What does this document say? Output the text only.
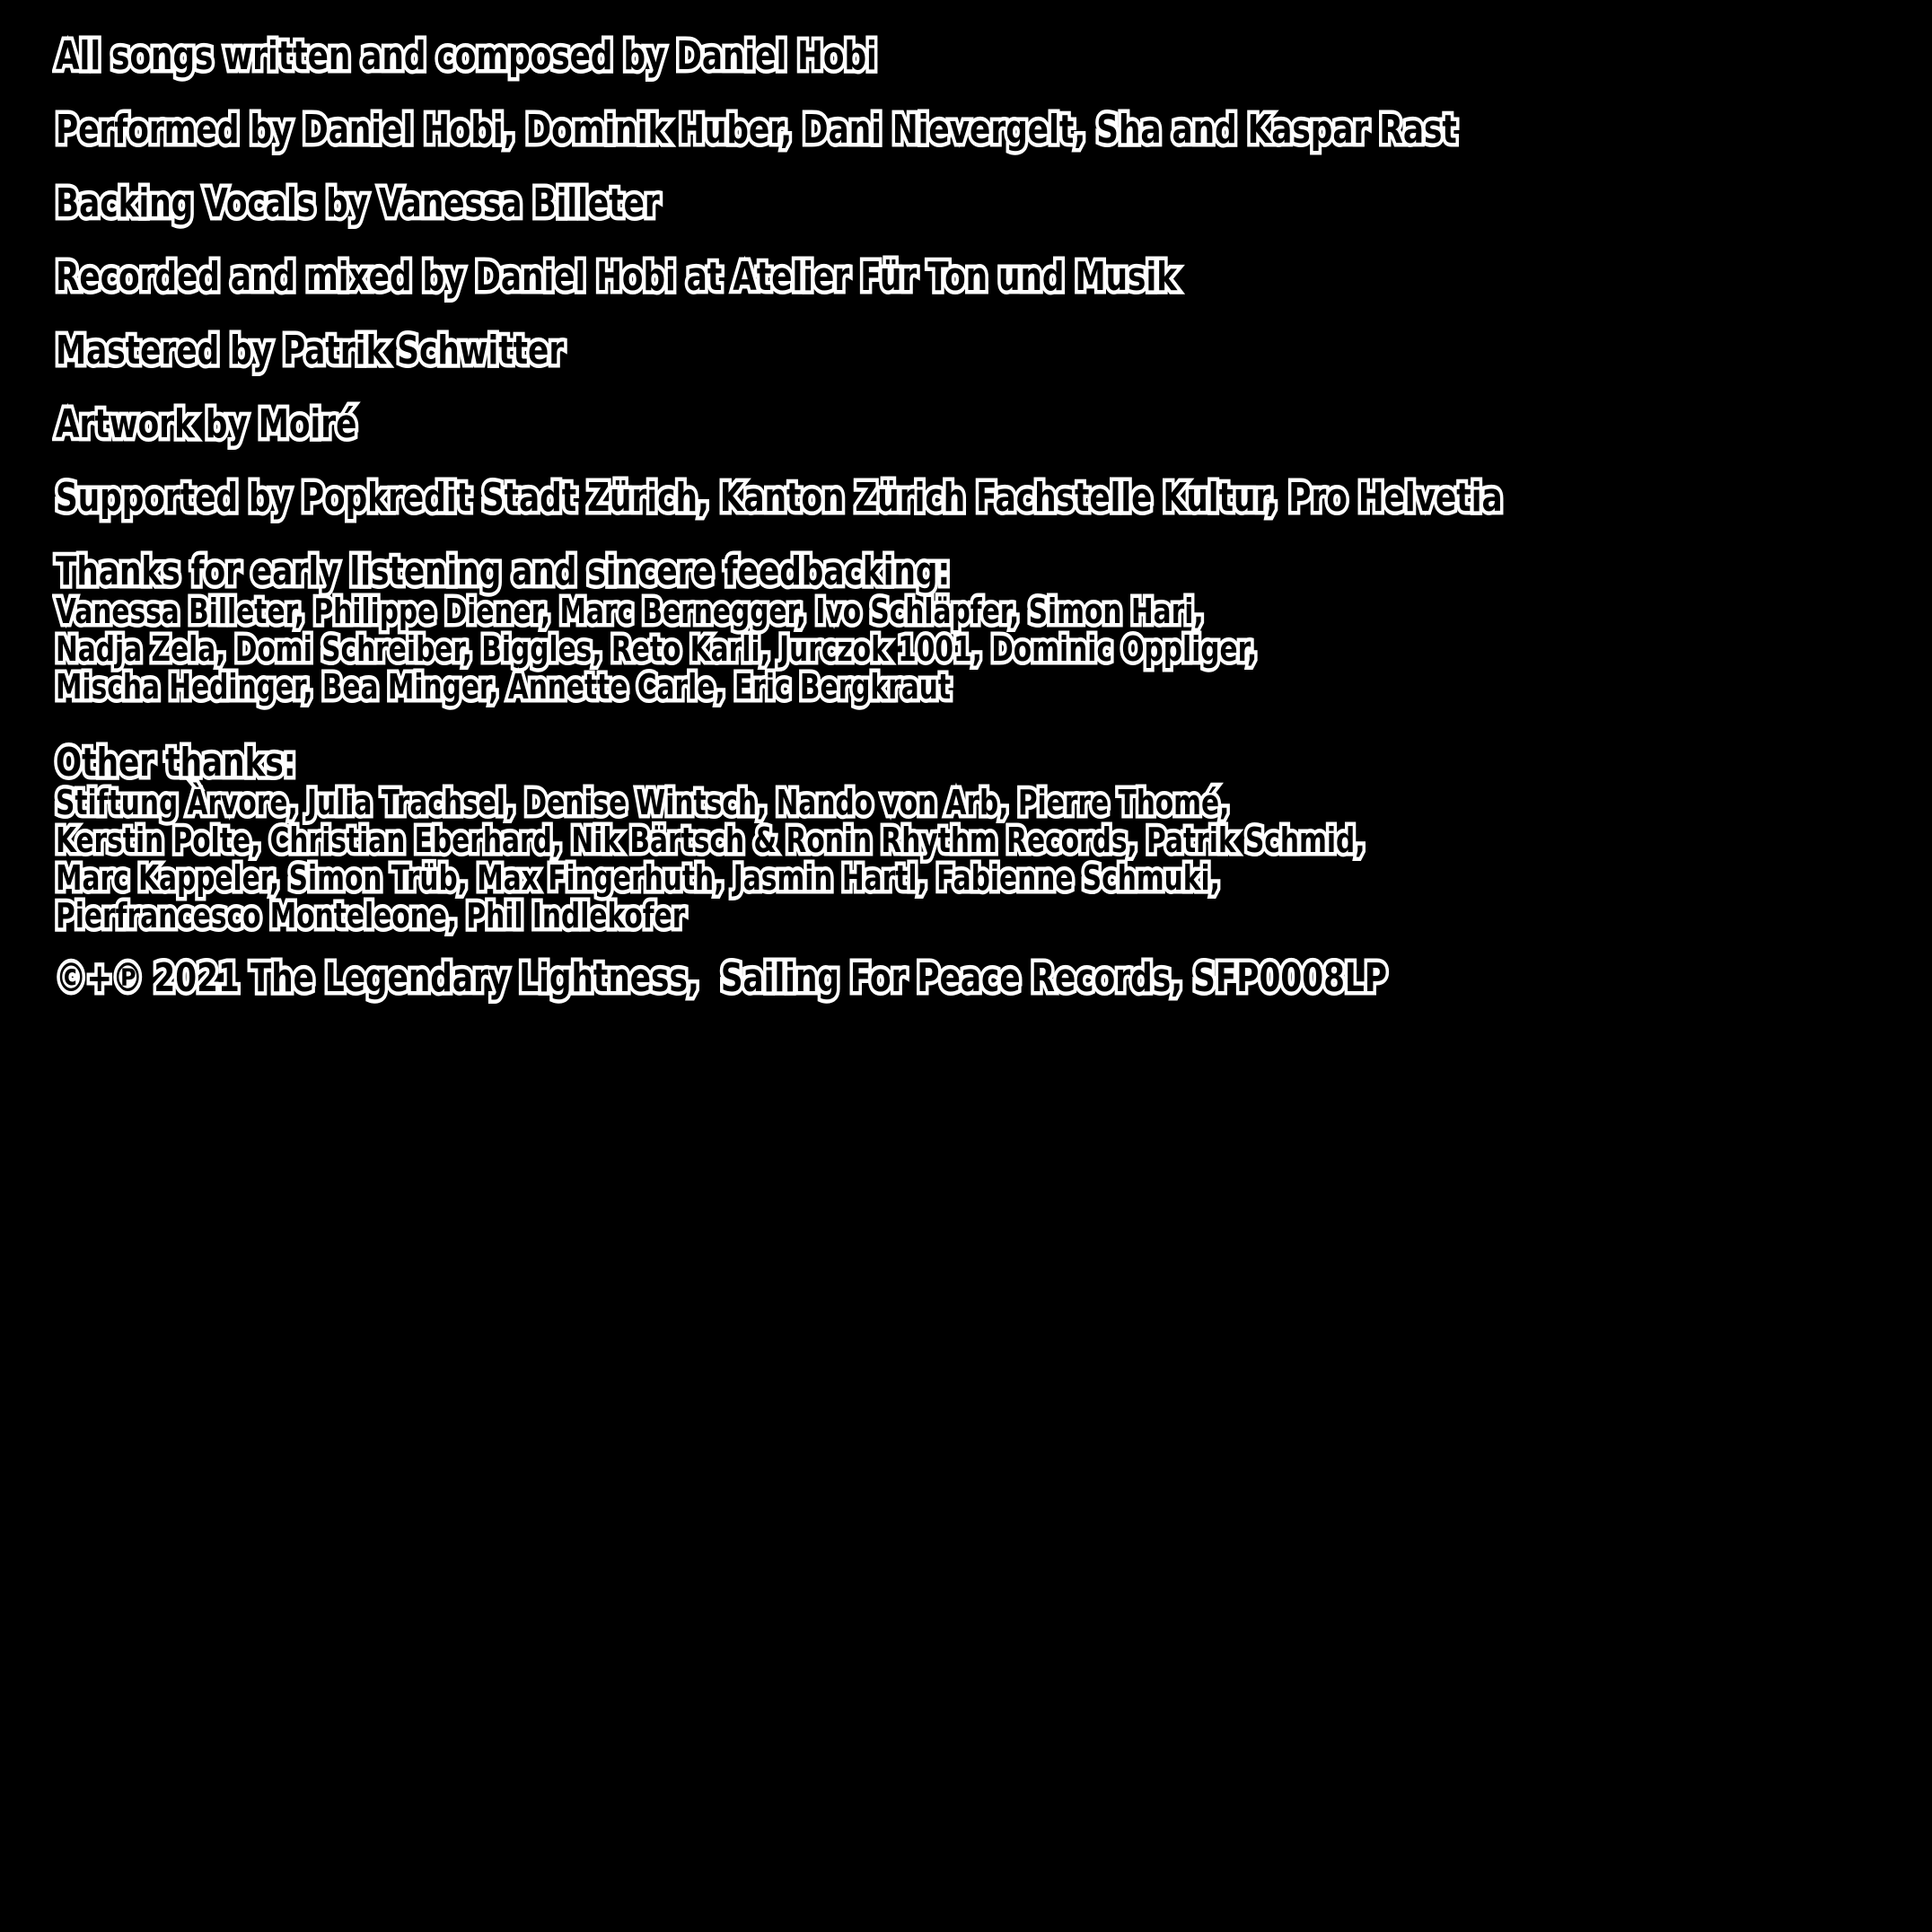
All songs written and composed by Daniel Hobi
Performed by Daniel Hobi, Dominik Huber, Dani Nievergelt, Sha and Kaspar Rast
Backing Vocals by Vanessa Billeter
Recorded and mixed by Daniel Hobi at Atelier Für Ton und Musik
Mastered by Patrik Schwitter
Artwork by Moiré
Supported by Popkredit Stadt Zürich, Kanton Zürich Fachstelle Kultur, Pro Helvetia
Thanks for early listening and sincere feedbacking:
Vanessa Billeter, Philippe Diener, Marc Bernegger, Ivo Schläpfer, Simon Hari,
Nadja Zela, Domi Schreiber, Biggles, Reto Karli, Jurczok 1001, Dominic Oppliger,
Mischa Hedinger, Bea Minger, Annette Carle, Eric Bergkraut
Other thanks:
Stiftung Àrvore, Julia Trachsel, Denise Wintsch, Nando von Arb, Pierre Thomé,
Kerstin Polte, Christian Eberhard, Nik Bärtsch & Ronin Rhythm Records, Patrik Schmid,
Marc Kappeler, Simon Trüb, Max Fingerhuth, Jasmin Hartl, Fabienne Schmuki,
Pierfrancesco Monteleone, Phil Indlekofer
©+℗ 2021 The Legendary Lightness,  Sailing For Peace Records, SFP0008LP
